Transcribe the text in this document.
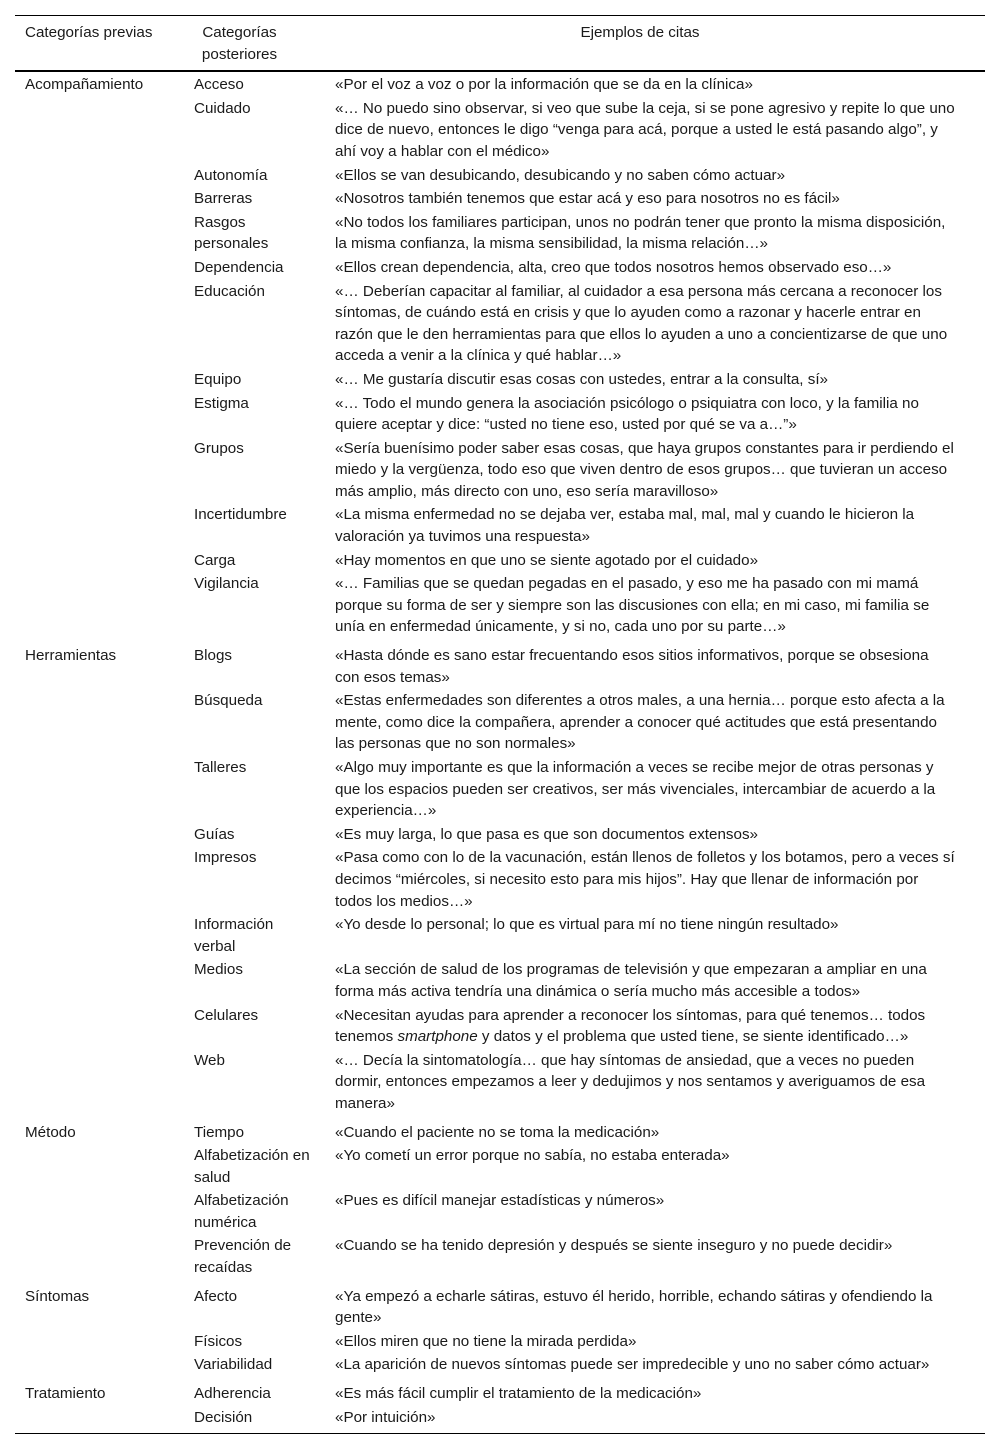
Categorías previas	Categorías posteriores	Ejemplos de citas
Acompañamiento	Acceso	«Por el voz a voz o por la información que se da en la clínica»
	Cuidado	«… No puedo sino observar, si veo que sube la ceja, si se pone agresivo y repite lo que uno dice de nuevo, entonces le digo “venga para acá, porque a usted le está pasando algo”, y ahí voy a hablar con el médico»
	Autonomía	«Ellos se van desubicando, desubicando y no saben cómo actuar»
	Barreras	«Nosotros también tenemos que estar acá y eso para nosotros no es fácil»
	Rasgos personales	«No todos los familiares participan, unos no podrán tener que pronto la misma disposición, la misma confianza, la misma sensibilidad, la misma relación…»
	Dependencia	«Ellos crean dependencia, alta, creo que todos nosotros hemos observado eso…»
	Educación	«… Deberían capacitar al familiar, al cuidador a esa persona más cercana a reconocer los síntomas, de cuándo está en crisis y que lo ayuden como a razonar y hacerle entrar en razón que le den herramientas para que ellos lo ayuden a uno a concientizarse de que uno acceda a venir a la clínica y qué hablar…»
	Equipo	«… Me gustaría discutir esas cosas con ustedes, entrar a la consulta, sí»
	Estigma	«… Todo el mundo genera la asociación psicólogo o psiquiatra con loco, y la familia no quiere aceptar y dice: “usted no tiene eso, usted por qué se va a…”»
	Grupos	«Sería buenísimo poder saber esas cosas, que haya grupos constantes para ir perdiendo el miedo y la vergüenza, todo eso que viven dentro de esos grupos… que tuvieran un acceso más amplio, más directo con uno, eso sería maravilloso»
	Incertidumbre	«La misma enfermedad no se dejaba ver, estaba mal, mal, mal y cuando le hicieron la valoración ya tuvimos una respuesta»
	Carga	«Hay momentos en que uno se siente agotado por el cuidado»
	Vigilancia	«… Familias que se quedan pegadas en el pasado, y eso me ha pasado con mi mamá porque su forma de ser y siempre son las discusiones con ella; en mi caso, mi familia se unía en enfermedad únicamente, y si no, cada uno por su parte…»
Herramientas	Blogs	«Hasta dónde es sano estar frecuentando esos sitios informativos, porque se obsesiona con esos temas»
	Búsqueda	«Estas enfermedades son diferentes a otros males, a una hernia… porque esto afecta a la mente, como dice la compañera, aprender a conocer qué actitudes que está presentando las personas que no son normales»
	Talleres	«Algo muy importante es que la información a veces se recibe mejor de otras personas y que los espacios pueden ser creativos, ser más vivenciales, intercambiar de acuerdo a la experiencia…»
	Guías	«Es muy larga, lo que pasa es que son documentos extensos»
	Impresos	«Pasa como con lo de la vacunación, están llenos de folletos y los botamos, pero a veces sí decimos “miércoles, si necesito esto para mis hijos”. Hay que llenar de información por todos los medios…»
	Información verbal	«Yo desde lo personal; lo que es virtual para mí no tiene ningún resultado»
	Medios	«La sección de salud de los programas de televisión y que empezaran a ampliar en una forma más activa tendría una dinámica o sería mucho más accesible a todos»
	Celulares	«Necesitan ayudas para aprender a reconocer los síntomas, para qué tenemos… todos tenemos smartphone y datos y el problema que usted tiene, se siente identificado…»
	Web	«… Decía la sintomatología… que hay síntomas de ansiedad, que a veces no pueden dormir, entonces empezamos a leer y dedujimos y nos sentamos y averiguamos de esa manera»
Método	Tiempo	«Cuando el paciente no se toma la medicación»
	Alfabetización en salud	«Yo cometí un error porque no sabía, no estaba enterada»
	Alfabetización numérica	«Pues es difícil manejar estadísticas y números»
	Prevención de recaídas	«Cuando se ha tenido depresión y después se siente inseguro y no puede decidir»
Síntomas	Afecto	«Ya empezó a echarle sátiras, estuvo él herido, horrible, echando sátiras y ofendiendo la gente»
	Físicos	«Ellos miren que no tiene la mirada perdida»
	Variabilidad	«La aparición de nuevos síntomas puede ser impredecible y uno no saber cómo actuar»
Tratamiento	Adherencia	«Es más fácil cumplir el tratamiento de la medicación»
	Decisión	«Por intuición»
